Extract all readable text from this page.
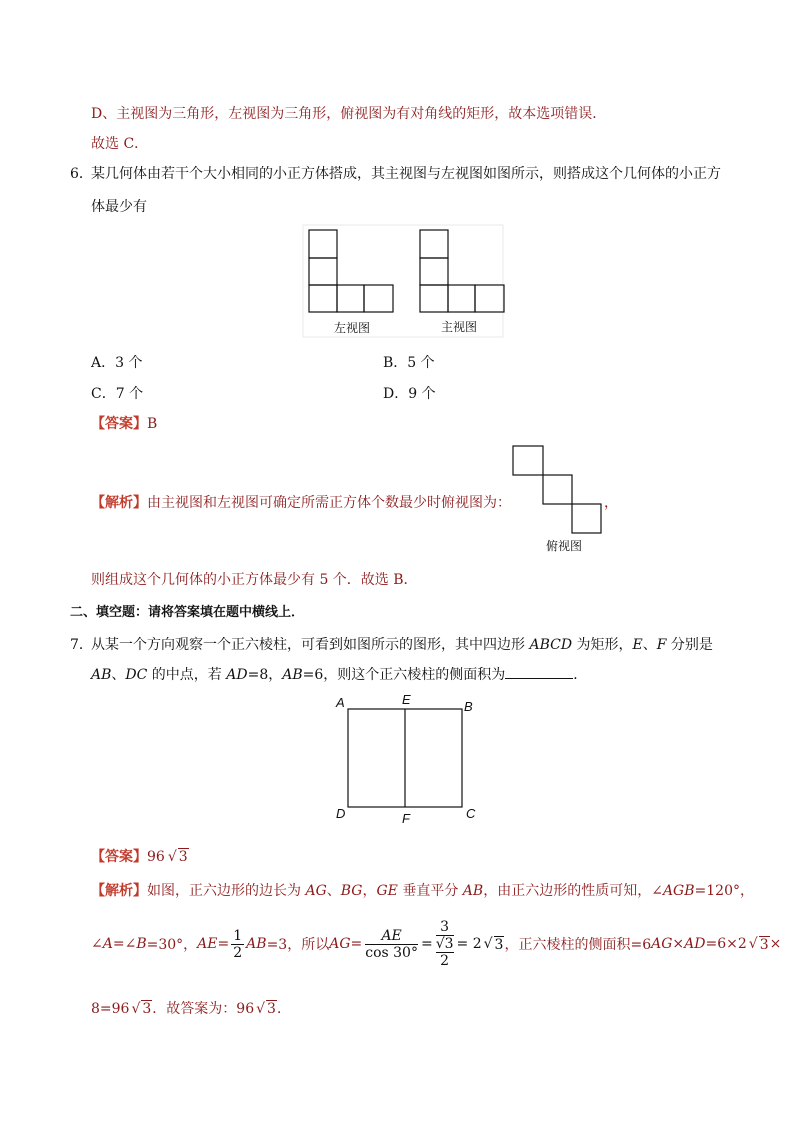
D、主视图为三角形，左视图为三角形，俯视图为有对角线的矩形，故本选项错误．
故选 C．
6．
某几何体由若干个大小相同的小正方体搭成，其主视图与左视图如图所示，则搭成这个几何体的小正方
体最少有
左视图	主视图
A．3 个	B．5 个
C．7 个	D．9 个
【答案】B
【解析】由主视图和左视图可确定所需正方体个数最少时俯视图为：
俯视图
，
则组成这个几何体的小正方体最少有 5 个．故选 B．
二、填空题：请将答案填在题中横线上．
7．
从某一个方向观察一个正六棱柱，可看到如图所示的图形，其中四边形 ABCD 为矩形，E、F 分别是
AB、DC 的中点，若 AD=8，AB=6，则这个正六棱柱的侧面积为	．
A	E	B
D	F	C
【答案】96 √ 3
【解析】如图，正六边形的边长为 AG、BG，GE 垂直平分 AB，由正六边形的性质可知，∠AGB=120°，
∠ A =∠ B =30°， AE = $\frac{1}{2}$ AB =3，所以 AG = $\frac{AE}{\cos 30^\circ}$ =
3
√3
2
= 2 √ 3 ，正六棱柱的侧面积=6 AG × AD =6×2 √ 3 ×
8=96 √ 3．故答案为：96 √ 3．
